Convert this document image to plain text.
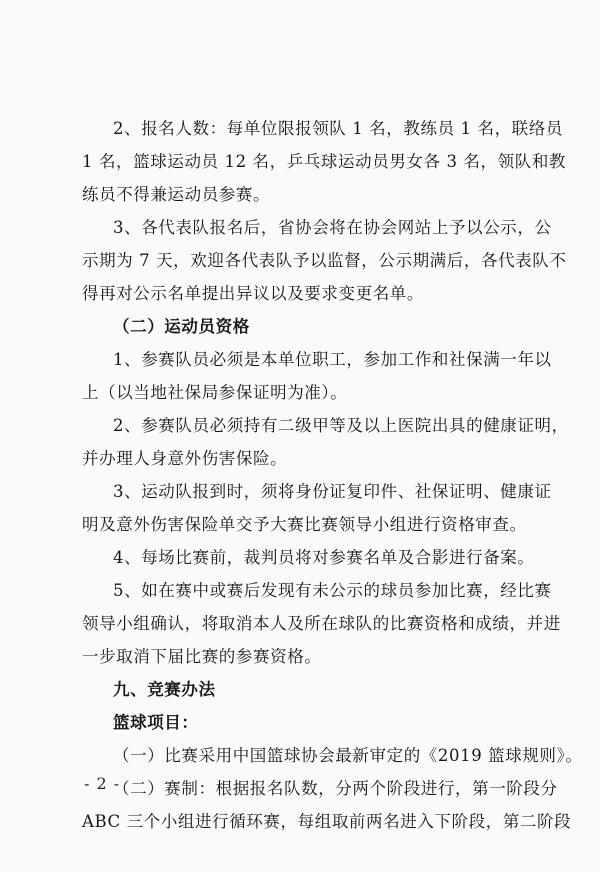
2、报名人数：每单位限报领队 1 名，教练员 1 名，联络员
1 名，篮球运动员 12 名，乒乓球运动员男女各 3 名，领队和教
练员不得兼运动员参赛。
3、各代表队报名后，省协会将在协会网站上予以公示，公
示期为 7 天，欢迎各代表队予以监督，公示期满后，各代表队不
得再对公示名单提出异议以及要求变更名单。
（二）运动员资格
1、参赛队员必须是本单位职工，参加工作和社保满一年以
上（以当地社保局参保证明为准）。
2、参赛队员必须持有二级甲等及以上医院出具的健康证明，
并办理人身意外伤害保险。
3、运动队报到时，须将身份证复印件、社保证明、健康证
明及意外伤害保险单交予大赛比赛领导小组进行资格审查。
4、每场比赛前，裁判员将对参赛名单及合影进行备案。
5、如在赛中或赛后发现有未公示的球员参加比赛，经比赛
领导小组确认，将取消本人及所在球队的比赛资格和成绩，并进
一步取消下届比赛的参赛资格。
九、竞赛办法
篮球项目：
（一）比赛采用中国篮球协会最新审定的《2019 篮球规则》。
（二）赛制：根据报名队数，分两个阶段进行，第一阶段分
ABC 三个小组进行循环赛，每组取前两名进入下阶段，第二阶段
- 2 -
